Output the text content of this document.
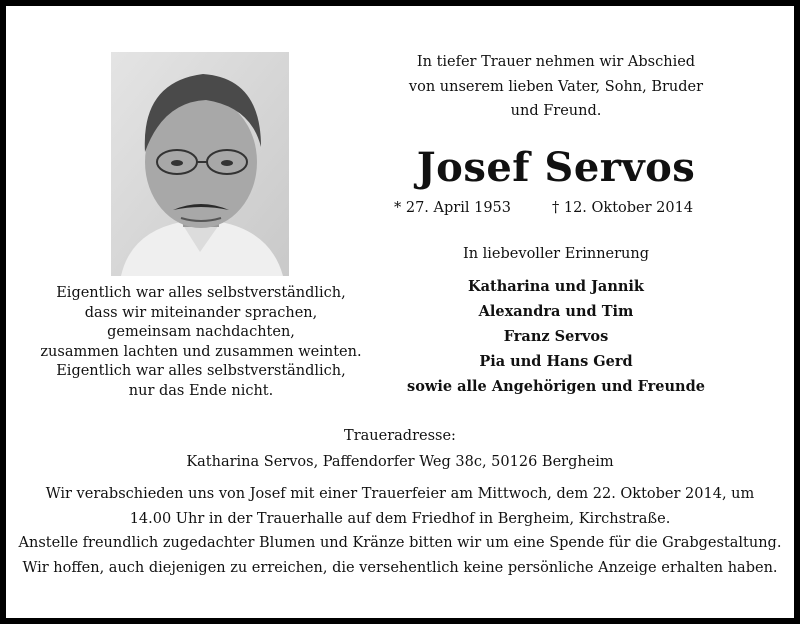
Eigentlich war alles selbstverständlich,
dass wir miteinander sprachen,
gemeinsam nachdachten,
zusammen lachten und zusammen weinten.
Eigentlich war alles selbstverständlich,
nur das Ende nicht.
In tiefer Trauer nehmen wir Abschied
von unserem lieben Vater, Sohn, Bruder
und Freund.
Josef Servos
* 27. April 1953	† 12. Oktober 2014
In liebevoller Erinnerung
Katharina und Jannik
Alexandra und Tim
Franz Servos
Pia und Hans Gerd
sowie alle Angehörigen und Freunde
Traueradresse:
Katharina Servos, Paffendorfer Weg 38c, 50126 Bergheim
Wir verabschieden uns von Josef mit einer Trauerfeier am Mittwoch, dem 22. Oktober 2014, um
14.00 Uhr in der Trauerhalle auf dem Friedhof in Bergheim, Kirchstraße.
Anstelle freundlich zugedachter Blumen und Kränze bitten wir um eine Spende für die Grabgestaltung.
Wir hoffen, auch diejenigen zu erreichen, die versehentlich keine persönliche Anzeige erhalten haben.
